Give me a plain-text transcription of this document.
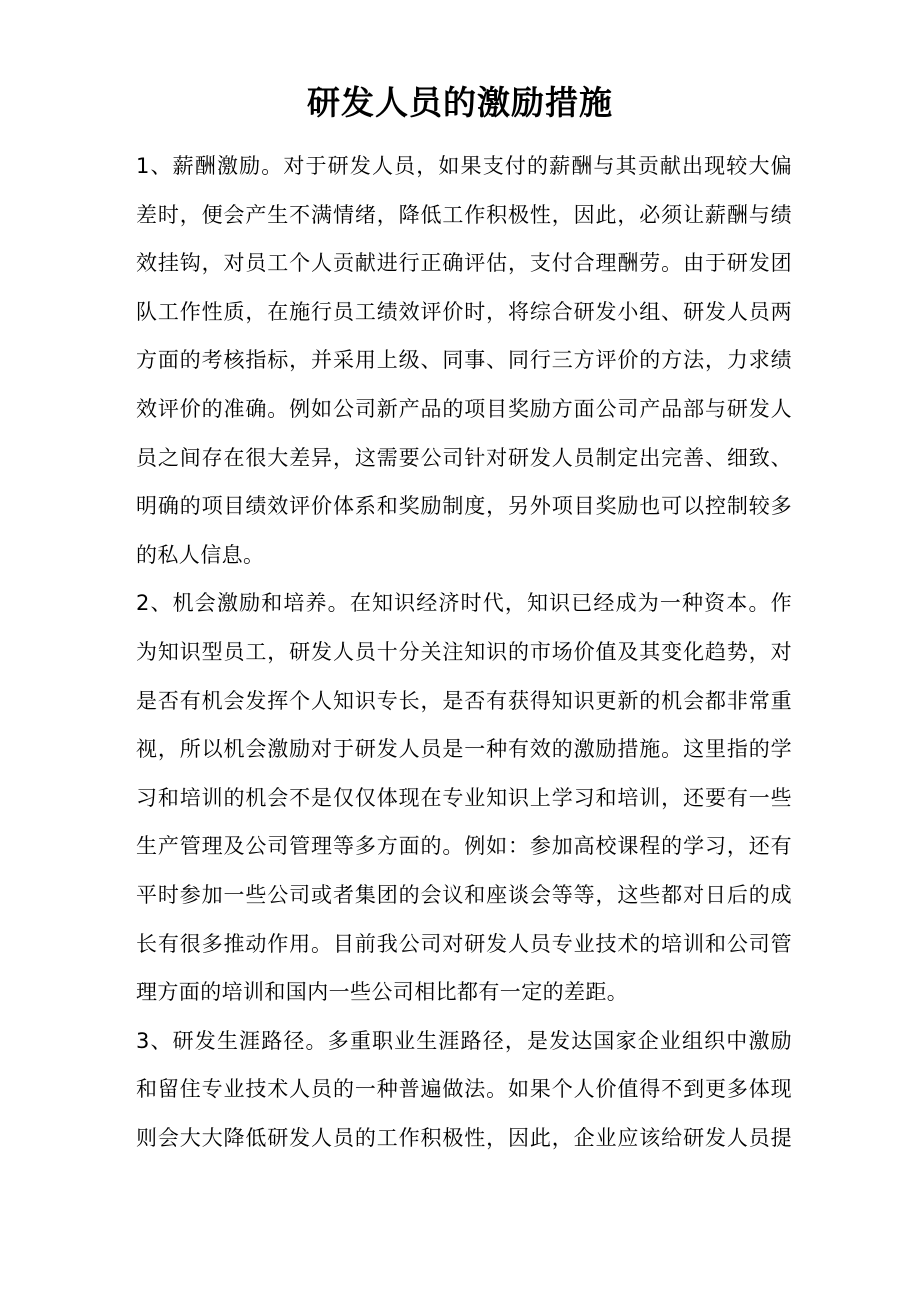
研发人员的激励措施
1、薪酬激励。对于研发人员，如果支付的薪酬与其贡献出现较大偏
差时，便会产生不满情绪，降低工作积极性，因此，必须让薪酬与绩
效挂钩，对员工个人贡献进行正确评估，支付合理酬劳。由于研发团
队工作性质，在施行员工绩效评价时，将综合研发小组、研发人员两
方面的考核指标，并采用上级、同事、同行三方评价的方法，力求绩
效评价的准确。例如公司新产品的项目奖励方面公司产品部与研发人
员之间存在很大差异，这需要公司针对研发人员制定出完善、细致、
明确的项目绩效评价体系和奖励制度，另外项目奖励也可以控制较多
的私人信息。
2、机会激励和培养。在知识经济时代，知识已经成为一种资本。作
为知识型员工，研发人员十分关注知识的市场价值及其变化趋势，对
是否有机会发挥个人知识专长，是否有获得知识更新的机会都非常重
视，所以机会激励对于研发人员是一种有效的激励措施。这里指的学
习和培训的机会不是仅仅体现在专业知识上学习和培训，还要有一些
生产管理及公司管理等多方面的。例如：参加高校课程的学习，还有
平时参加一些公司或者集团的会议和座谈会等等，这些都对日后的成
长有很多推动作用。目前我公司对研发人员专业技术的培训和公司管
理方面的培训和国内一些公司相比都有一定的差距。
3、研发生涯路径。多重职业生涯路径，是发达国家企业组织中激励
和留住专业技术人员的一种普遍做法。如果个人价值得不到更多体现
则会大大降低研发人员的工作积极性，因此，企业应该给研发人员提
